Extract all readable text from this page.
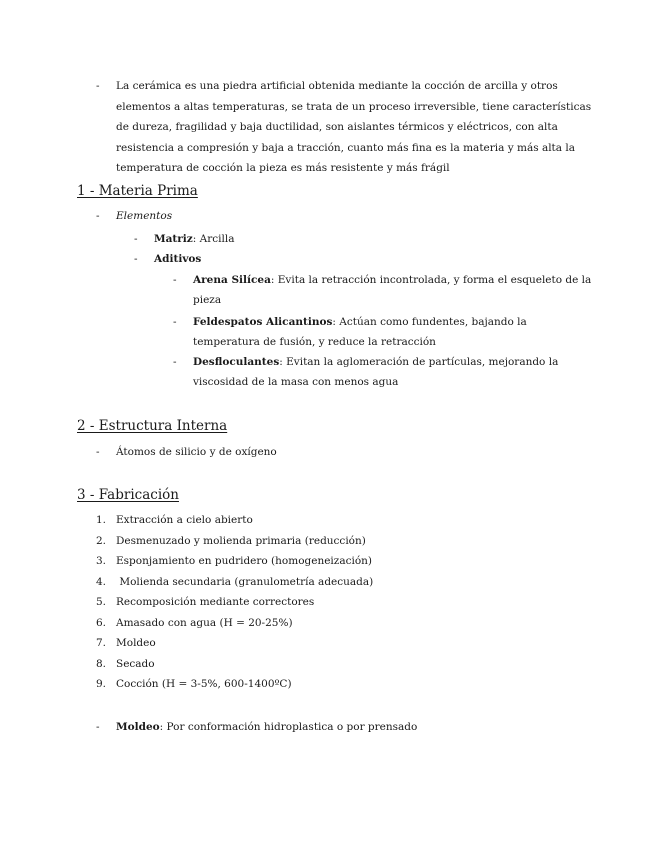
- La cerámica es una piedra artificial obtenida mediante la cocción de arcilla y otros
elementos a altas temperaturas, se trata de un proceso irreversible, tiene características
de dureza, fragilidad y baja ductilidad, son aislantes térmicos y eléctricos, con alta
resistencia a compresión y baja a tracción, cuanto más fina es la materia y más alta la
temperatura de cocción la pieza es más resistente y más frágil
1 - Materia Prima
- Elementos
- Matriz: Arcilla
- Aditivos
- Arena Silícea: Evita la retracción incontrolada, y forma el esqueleto de la
pieza
- Feldespatos Alicantinos: Actúan como fundentes, bajando la
temperatura de fusión, y reduce la retracción
- Desfloculantes: Evitan la aglomeración de partículas, mejorando la
viscosidad de la masa con menos agua
2 - Estructura Interna
- Átomos de silicio y de oxígeno
3 - Fabricación
1. Extracción a cielo abierto
2. Desmenuzado y molienda primaria (reducción)
3. Esponjamiento en pudridero (homogeneización)
4. Molienda secundaria (granulometría adecuada)
5. Recomposición mediante correctores
6. Amasado con agua (H = 20-25%)
7. Moldeo
8. Secado
9. Cocción (H = 3-5%, 600-1400ºC)
- Moldeo: Por conformación hidroplastica o por prensado
